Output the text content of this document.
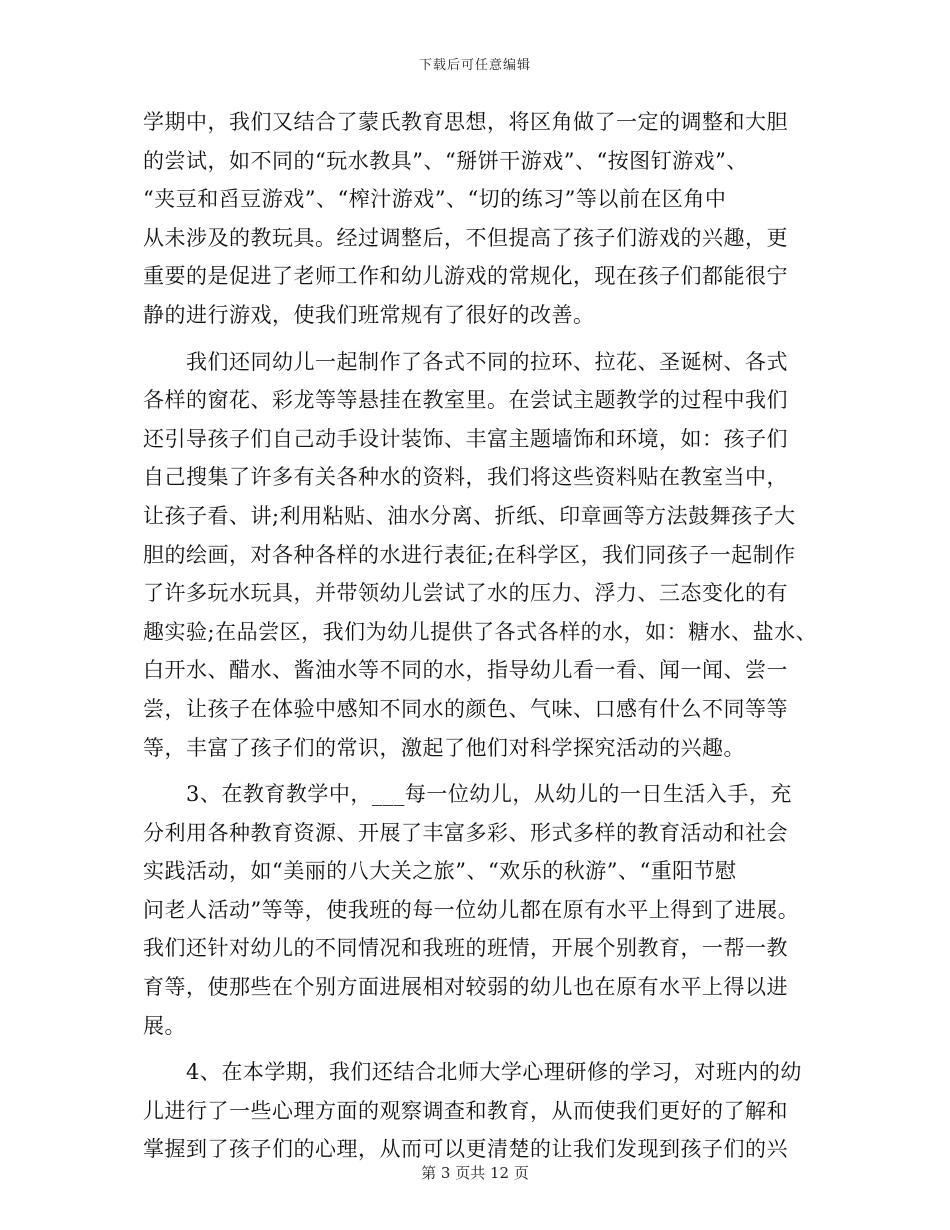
下载后可任意编辑
学期中，我们又结合了蒙氏教育思想，将区角做了一定的调整和大胆
的尝试，如不同的“玩水教具”、“掰饼干游戏”、“按图钉游戏”、
“夹豆和舀豆游戏”、“榨汁游戏”、“切的练习”等以前在区角中
从未涉及的教玩具。经过调整后，不但提高了孩子们游戏的兴趣，更
重要的是促进了老师工作和幼儿游戏的常规化，现在孩子们都能很宁
静的进行游戏，使我们班常规有了很好的改善。
　　我们还同幼儿一起制作了各式不同的拉环、拉花、圣诞树、各式
各样的窗花、彩龙等等悬挂在教室里。在尝试主题教学的过程中我们
还引导孩子们自己动手设计装饰、丰富主题墙饰和环境，如：孩子们
自己搜集了许多有关各种水的资料，我们将这些资料贴在教室当中，
让孩子看、讲;利用粘贴、油水分离、折纸、印章画等方法鼓舞孩子大
胆的绘画，对各种各样的水进行表征;在科学区，我们同孩子一起制作
了许多玩水玩具，并带领幼儿尝试了水的压力、浮力、三态变化的有
趣实验;在品尝区，我们为幼儿提供了各式各样的水，如：糖水、盐水、
白开水、醋水、酱油水等不同的水，指导幼儿看一看、闻一闻、尝一
尝，让孩子在体验中感知不同水的颜色、气味、口感有什么不同等等
等，丰富了孩子们的常识，激起了他们对科学探究活动的兴趣。
　　3、在教育教学中，___每一位幼儿，从幼儿的一日生活入手，充
分利用各种教育资源、开展了丰富多彩、形式多样的教育活动和社会
实践活动，如“美丽的八大关之旅”、“欢乐的秋游”、“重阳节慰
问老人活动”等等，使我班的每一位幼儿都在原有水平上得到了进展。
我们还针对幼儿的不同情况和我班的班情，开展个别教育，一帮一教
育等，使那些在个别方面进展相对较弱的幼儿也在原有水平上得以进
展。
　　4、在本学期，我们还结合北师大学心理研修的学习，对班内的幼
儿进行了一些心理方面的观察调查和教育，从而使我们更好的了解和
掌握到了孩子们的心理，从而可以更清楚的让我们发现到孩子们的兴
第 3 页共 12 页
